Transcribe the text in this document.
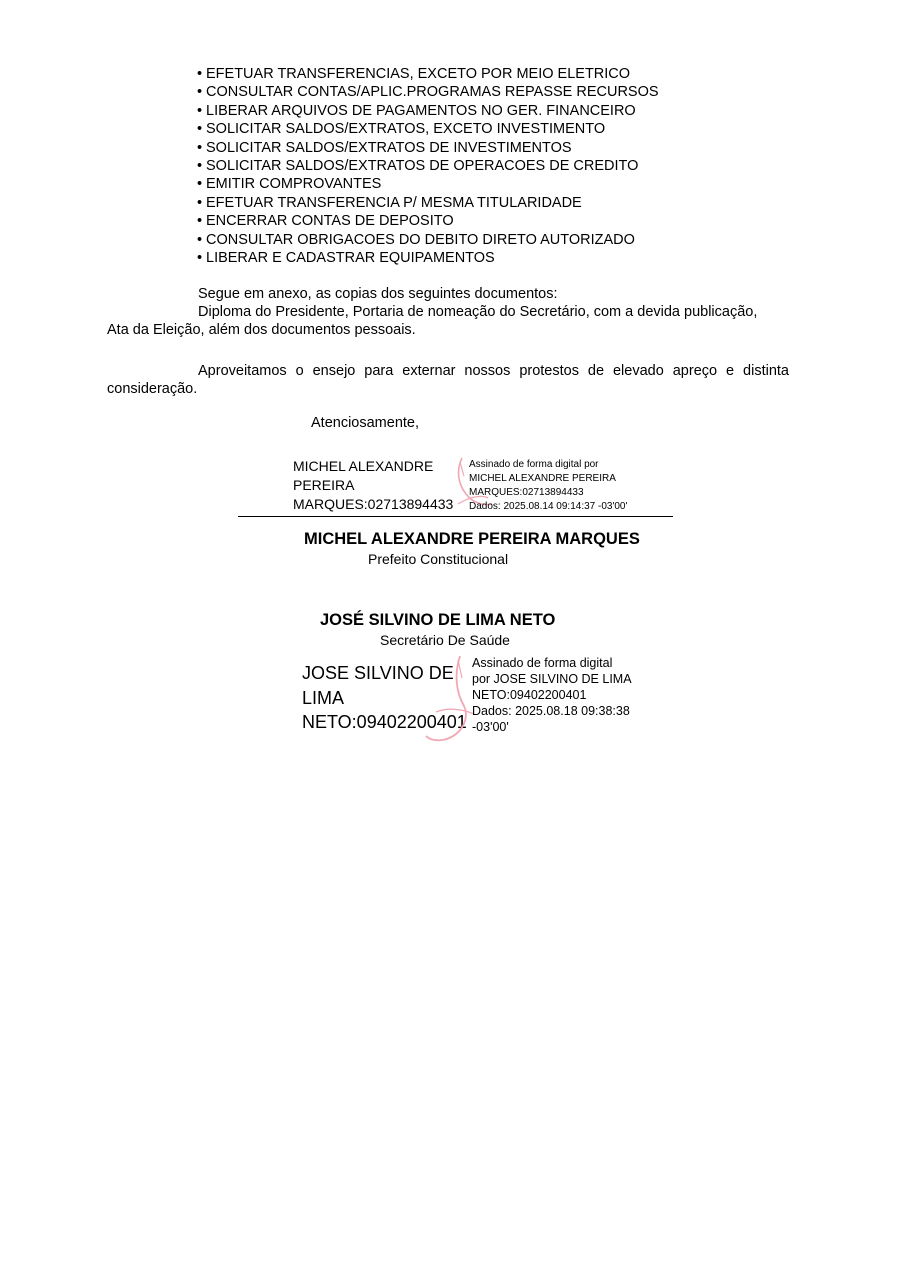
• EFETUAR TRANSFERENCIAS, EXCETO POR MEIO ELETRICO
• CONSULTAR CONTAS/APLIC.PROGRAMAS REPASSE RECURSOS
• LIBERAR ARQUIVOS DE PAGAMENTOS NO GER. FINANCEIRO
• SOLICITAR SALDOS/EXTRATOS, EXCETO INVESTIMENTO
• SOLICITAR SALDOS/EXTRATOS DE INVESTIMENTOS
• SOLICITAR SALDOS/EXTRATOS DE OPERACOES DE CREDITO
• EMITIR COMPROVANTES
• EFETUAR TRANSFERENCIA P/ MESMA TITULARIDADE
• ENCERRAR CONTAS DE DEPOSITO
• CONSULTAR OBRIGACOES DO DEBITO DIRETO AUTORIZADO
• LIBERAR E CADASTRAR EQUIPAMENTOS
Segue em anexo, as copias dos seguintes documentos:
Diploma do Presidente, Portaria de nomeação do Secretário, com a devida publicação,
Ata da Eleição, além dos documentos pessoais.
Aproveitamos o ensejo para externar nossos protestos de elevado apreço e distinta
consideração.
Atenciosamente,
MICHEL ALEXANDRE
PEREIRA
MARQUES:02713894433
Assinado de forma digital por
MICHEL ALEXANDRE PEREIRA
MARQUES:02713894433
Dados: 2025.08.14 09:14:37 -03'00'
MICHEL ALEXANDRE PEREIRA MARQUES
Prefeito Constitucional
JOSÉ SILVINO DE LIMA NETO
Secretário De Saúde
JOSE SILVINO DE
LIMA
NETO:09402200401
Assinado de forma digital
por JOSE SILVINO DE LIMA
NETO:09402200401
Dados: 2025.08.18 09:38:38
-03'00'
